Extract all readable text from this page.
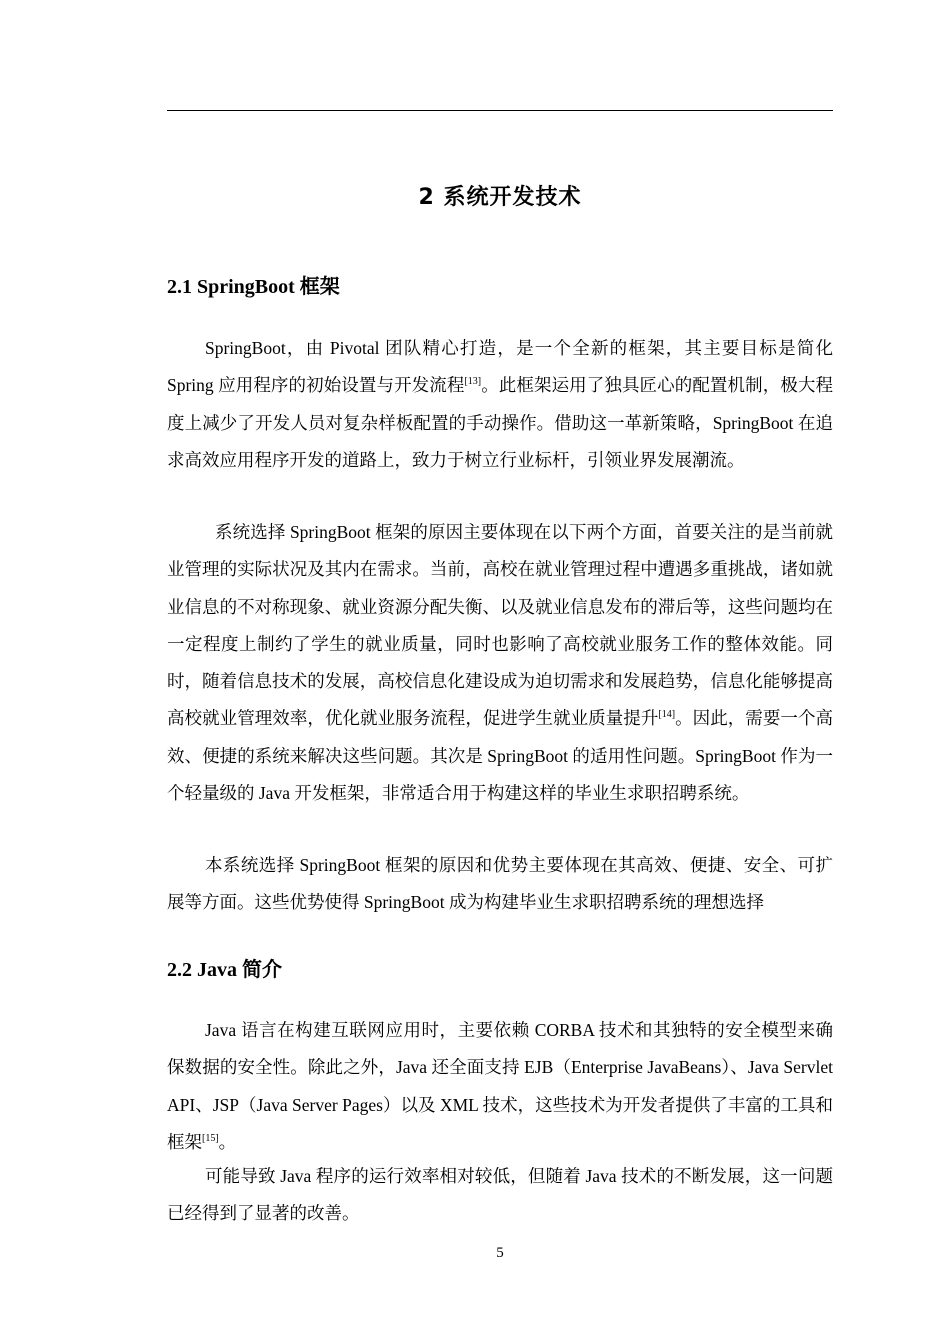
2 系统开发技术
2.1 SpringBoot 框架
SpringBoot，由 Pivotal 团队精心打造，是一个全新的框架，其主要目标是简化 Spring 应用程序的初始设置与开发流程[13]。此框架运用了独具匠心的配置机制，极大程度上减少了开发人员对复杂样板配置的手动操作。借助这一革新策略，SpringBoot 在追求高效应用程序开发的道路上，致力于树立行业标杆，引领业界发展潮流。
系统选择 SpringBoot 框架的原因主要体现在以下两个方面，首要关注的是当前就业管理的实际状况及其内在需求。当前，高校在就业管理过程中遭遇多重挑战，诸如就业信息的不对称现象、就业资源分配失衡、以及就业信息发布的滞后等，这些问题均在一定程度上制约了学生的就业质量，同时也影响了高校就业服务工作的整体效能。同时，随着信息技术的发展，高校信息化建设成为迫切需求和发展趋势，信息化能够提高高校就业管理效率，优化就业服务流程，促进学生就业质量提升[14]。因此，需要一个高效、便捷的系统来解决这些问题。其次是 SpringBoot 的适用性问题。SpringBoot 作为一个轻量级的 Java 开发框架，非常适合用于构建这样的毕业生求职招聘系统。
本系统选择 SpringBoot 框架的原因和优势主要体现在其高效、便捷、安全、可扩展等方面。这些优势使得 SpringBoot 成为构建毕业生求职招聘系统的理想选择
2.2 Java 简介
Java 语言在构建互联网应用时，主要依赖 CORBA 技术和其独特的安全模型来确保数据的安全性。除此之外，Java 还全面支持 EJB（Enterprise JavaBeans）、Java Servlet API、JSP（Java Server Pages）以及 XML 技术，这些技术为开发者提供了丰富的工具和框架[15]。
可能导致 Java 程序的运行效率相对较低，但随着 Java 技术的不断发展，这一问题已经得到了显著的改善。
5
